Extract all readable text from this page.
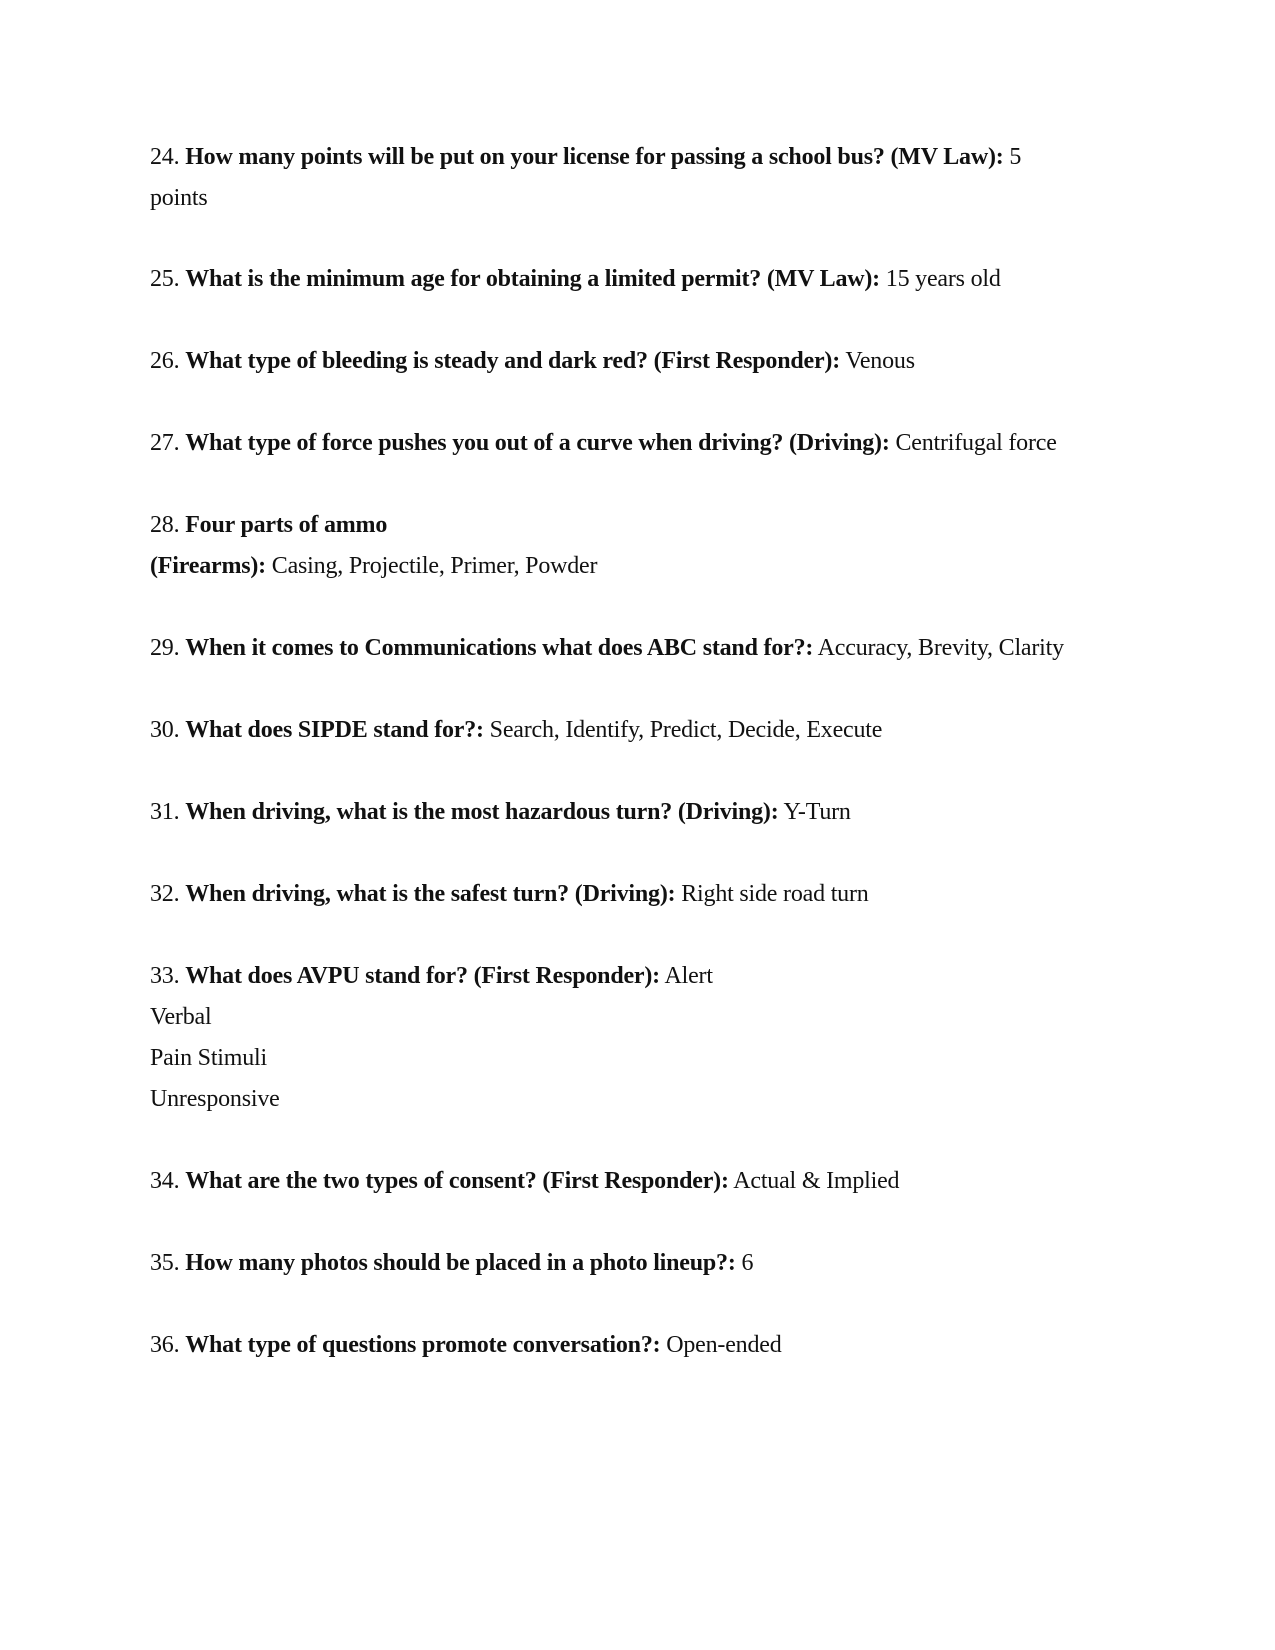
24. How many points will be put on your license for passing a school bus? (MV Law): 5
points
25. What is the minimum age for obtaining a limited permit? (MV Law): 15 years old
26. What type of bleeding is steady and dark red? (First Responder): Venous
27. What type of force pushes you out of a curve when driving? (Driving): Centrifugal force
28. Four parts of ammo
(Firearms): Casing, Projectile, Primer, Powder
29. When it comes to Communications what does ABC stand for?: Accuracy, Brevity, Clarity
30. What does SIPDE stand for?: Search, Identify, Predict, Decide, Execute
31. When driving, what is the most hazardous turn? (Driving): Y-Turn
32. When driving, what is the safest turn? (Driving): Right side road turn
33. What does AVPU stand for? (First Responder): Alert
Verbal
Pain Stimuli
Unresponsive
34. What are the two types of consent? (First Responder): Actual & Implied
35. How many photos should be placed in a photo lineup?: 6
36. What type of questions promote conversation?: Open-ended
